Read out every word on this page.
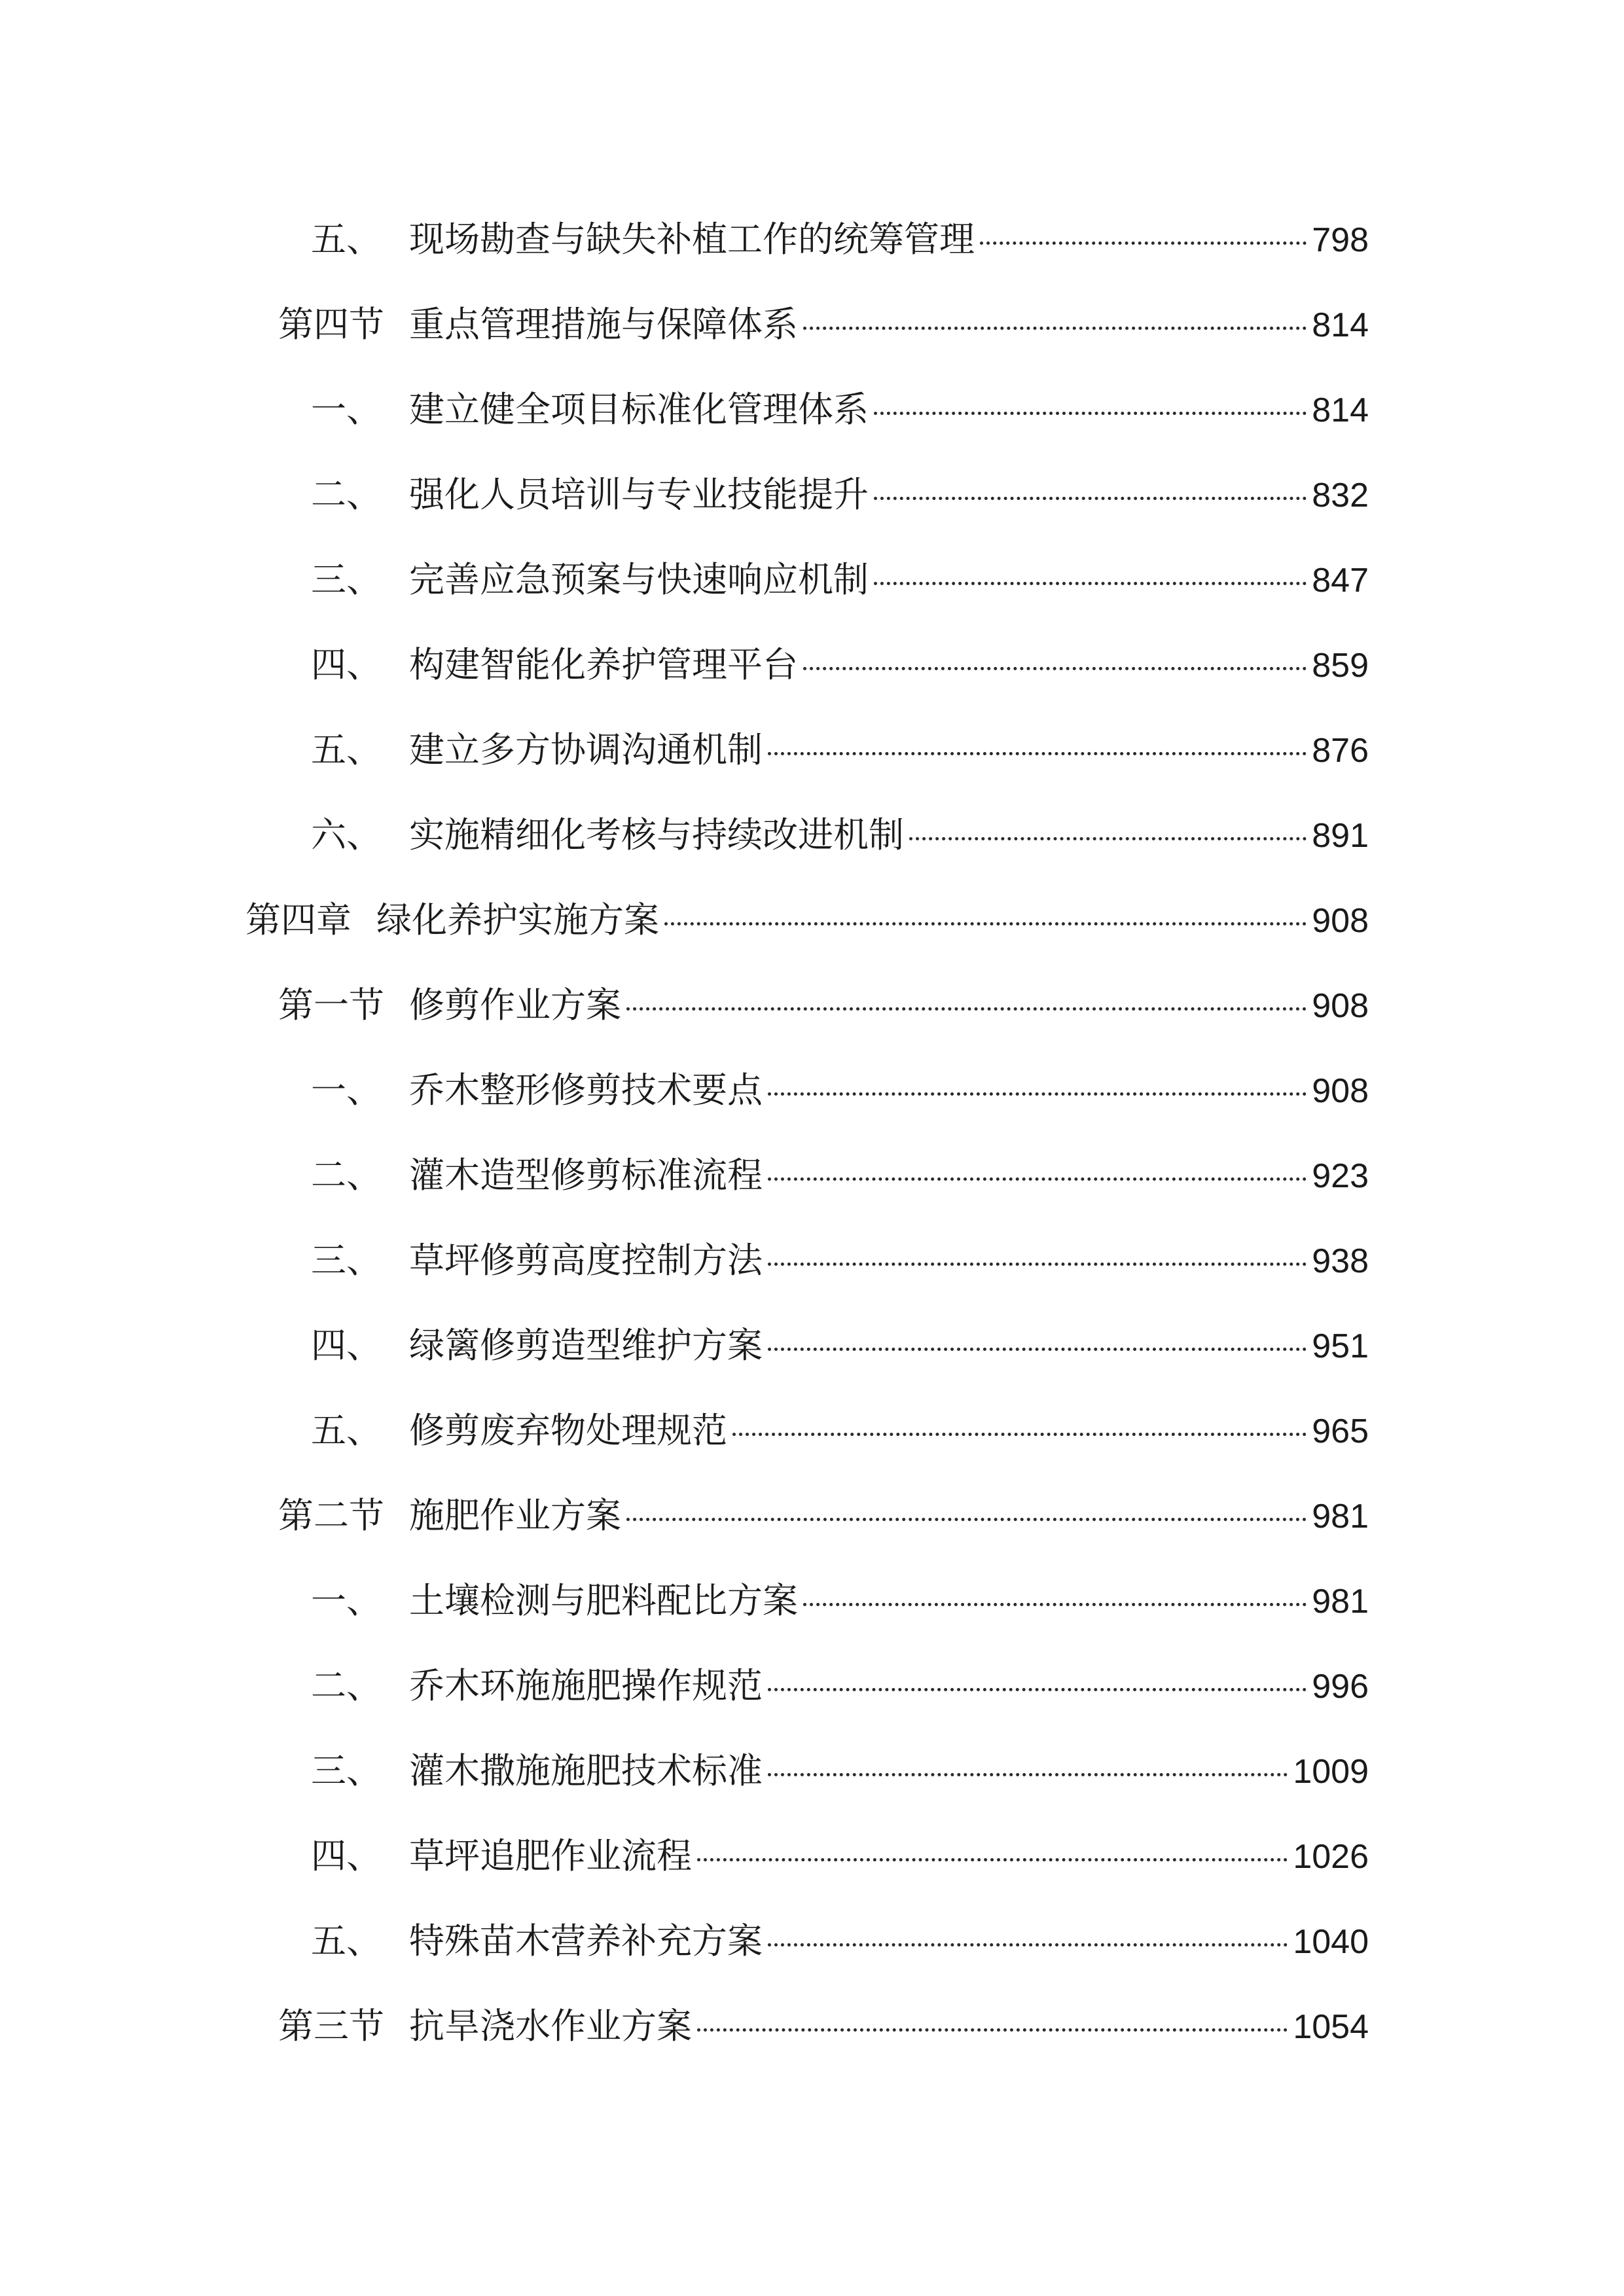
五、 现场勘查与缺失补植工作的统筹管理	798
第四节 重点管理措施与保障体系	814
一、 建立健全项目标准化管理体系	814
二、 强化人员培训与专业技能提升	832
三、 完善应急预案与快速响应机制	847
四、 构建智能化养护管理平台	859
五、 建立多方协调沟通机制	876
六、 实施精细化考核与持续改进机制	891
第四章 绿化养护实施方案	908
第一节 修剪作业方案	908
一、 乔木整形修剪技术要点	908
二、 灌木造型修剪标准流程	923
三、 草坪修剪高度控制方法	938
四、 绿篱修剪造型维护方案	951
五、 修剪废弃物处理规范	965
第二节 施肥作业方案	981
一、 土壤检测与肥料配比方案	981
二、 乔木环施施肥操作规范	996
三、 灌木撒施施肥技术标准	1009
四、 草坪追肥作业流程	1026
五、 特殊苗木营养补充方案	1040
第三节 抗旱浇水作业方案	1054
